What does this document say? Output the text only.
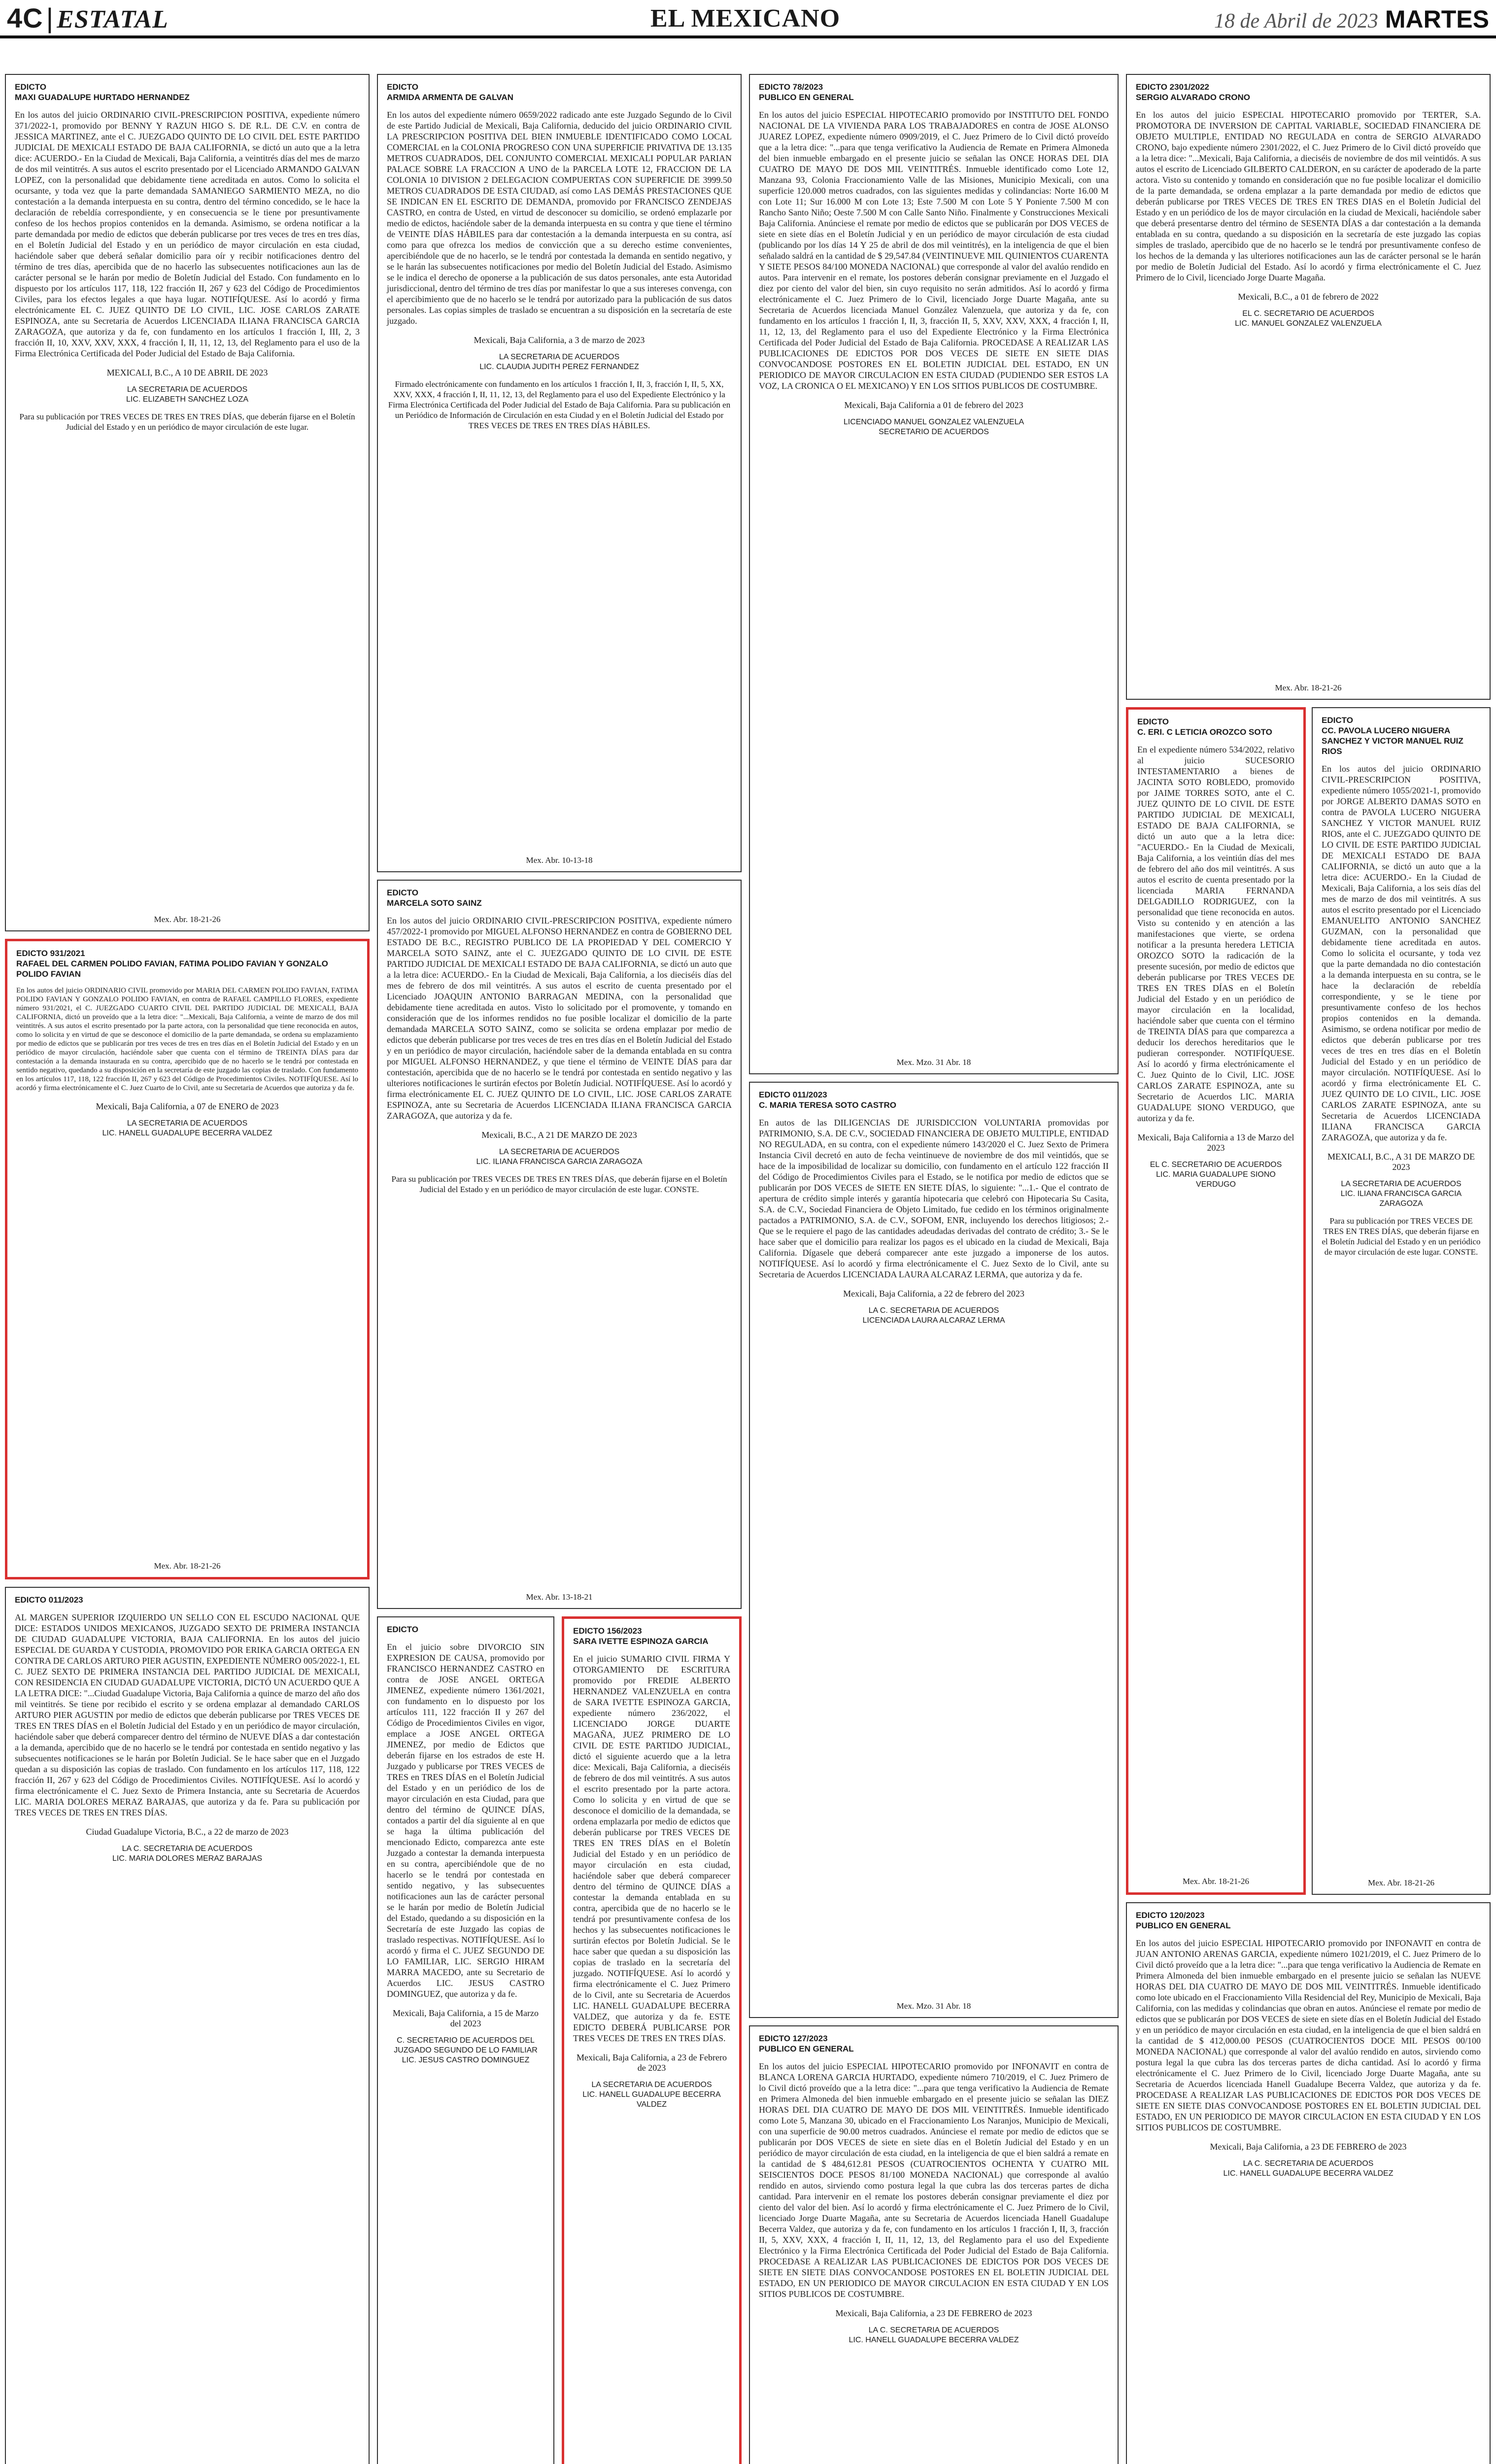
4C | ESTATAL	EL MEXICANO	18 de Abril de 2023 MARTES
EDICTO
MAXI GUADALUPE HURTADO HERNANDEZ
En los autos del juicio ORDINARIO CIVIL-PRESCRIPCION POSITIVA, expediente número 371/2022-1, promovido por BENNY Y RAZUN HIGO S. DE R.L. DE C.V. en contra de JESSICA MARTINEZ, ante el C. JUEZGADO QUINTO DE LO CIVIL DEL ESTE PARTIDO JUDICIAL DE MEXICALI ESTADO DE BAJA CALIFORNIA, se dictó un auto que a la letra dice: ACUERDO.- En la Ciudad de Mexicali, Baja California, a veintitrés días del mes de marzo de dos mil veintitrés. A sus autos el escrito presentado por el Licenciado ARMANDO GALVAN LOPEZ, con la personalidad que debidamente tiene acreditada en autos. Como lo solicita el ocursante, y toda vez que la parte demandada SAMANIEGO SARMIENTO MEZA, no dio contestación a la demanda interpuesta en su contra, dentro del término concedido, se le hace la declaración de rebeldía correspondiente, y en consecuencia se le tiene por presuntivamente confeso de los hechos propios contenidos en la demanda. Asimismo, se ordena notificar a la parte demandada por medio de edictos que deberán publicarse por tres veces de tres en tres días, en el Boletín Judicial del Estado y en un periódico de mayor circulación en esta ciudad, haciéndole saber que deberá señalar domicilio para oír y recibir notificaciones dentro del término de tres días, apercibida que de no hacerlo las subsecuentes notificaciones aun las de carácter personal se le harán por medio de Boletín Judicial del Estado. Con fundamento en lo dispuesto por los artículos 117, 118, 122 fracción II, 267 y 623 del Código de Procedimientos Civiles, para los efectos legales a que haya lugar. NOTIFÍQUESE. Así lo acordó y firma electrónicamente EL C. JUEZ QUINTO DE LO CIVIL, LIC. JOSE CARLOS ZARATE ESPINOZA, ante su Secretaria de Acuerdos LICENCIADA ILIANA FRANCISCA GARCIA ZARAGOZA, que autoriza y da fe, con fundamento en los artículos 1 fracción I, III, 2, 3 fracción II, 10, XXV, XXV, XXX, 4 fracción I, II, 11, 12, 13, del Reglamento para el uso de la Firma Electrónica Certificada del Poder Judicial del Estado de Baja California.
MEXICALI, B.C., A 10 DE ABRIL DE 2023
LA SECRETARIA DE ACUERDOS
LIC. ELIZABETH SANCHEZ LOZA
Para su publicación por TRES VECES DE TRES EN TRES DÍAS, que deberán fijarse en el Boletín Judicial del Estado y en un periódico de mayor circulación de este lugar.
Mex. Abr. 18-21-26
EDICTO 931/2021
RAFAEL DEL CARMEN POLIDO FAVIAN, FATIMA POLIDO FAVIAN Y GONZALO POLIDO FAVIAN
En los autos del juicio ORDINARIO CIVIL promovido por MARIA DEL CARMEN POLIDO FAVIAN, FATIMA POLIDO FAVIAN Y GONZALO POLIDO FAVIAN, en contra de RAFAEL CAMPILLO FLORES, expediente número 931/2021, el C. JUEZGADO CUARTO CIVIL DEL PARTIDO JUDICIAL DE MEXICALI, BAJA CALIFORNIA, dictó un proveído que a la letra dice: "...Mexicali, Baja California, a veinte de marzo de dos mil veintitrés. A sus autos el escrito presentado por la parte actora, con la personalidad que tiene reconocida en autos, como lo solicita y en virtud de que se desconoce el domicilio de la parte demandada, se ordena su emplazamiento por medio de edictos que se publicarán por tres veces de tres en tres días en el Boletín Judicial del Estado y en un periódico de mayor circulación, haciéndole saber que cuenta con el término de TREINTA DÍAS para dar contestación a la demanda instaurada en su contra, apercibido que de no hacerlo se le tendrá por contestada en sentido negativo, quedando a su disposición en la secretaría de este juzgado las copias de traslado. Con fundamento en los artículos 117, 118, 122 fracción II, 267 y 623 del Código de Procedimientos Civiles. NOTIFÍQUESE. Así lo acordó y firma electrónicamente el C. Juez Cuarto de lo Civil, ante su Secretaria de Acuerdos que autoriza y da fe.
Mexicali, Baja California, a 07 de ENERO de 2023
LA SECRETARIA DE ACUERDOS
LIC. HANELL GUADALUPE BECERRA VALDEZ
Mex. Abr. 18-21-26
EDICTO 011/2023
AL MARGEN SUPERIOR IZQUIERDO UN SELLO CON EL ESCUDO NACIONAL QUE DICE: ESTADOS UNIDOS MEXICANOS, JUZGADO SEXTO DE PRIMERA INSTANCIA DE CIUDAD GUADALUPE VICTORIA, BAJA CALIFORNIA. En los autos del juicio ESPECIAL DE GUARDA Y CUSTODIA, PROMOVIDO POR ERIKA GARCIA ORTEGA EN CONTRA DE CARLOS ARTURO PIER AGUSTIN, EXPEDIENTE NÚMERO 005/2022-1, EL C. JUEZ SEXTO DE PRIMERA INSTANCIA DEL PARTIDO JUDICIAL DE MEXICALI, CON RESIDENCIA EN CIUDAD GUADALUPE VICTORIA, DICTÓ UN ACUERDO QUE A LA LETRA DICE: "...Ciudad Guadalupe Victoria, Baja California a quince de marzo del año dos mil veintitrés. Se tiene por recibido el escrito y se ordena emplazar al demandado CARLOS ARTURO PIER AGUSTIN por medio de edictos que deberán publicarse por TRES VECES DE TRES EN TRES DÍAS en el Boletín Judicial del Estado y en un periódico de mayor circulación, haciéndole saber que deberá comparecer dentro del término de NUEVE DÍAS a dar contestación a la demanda, apercibido que de no hacerlo se le tendrá por contestada en sentido negativo y las subsecuentes notificaciones se le harán por Boletín Judicial. Se le hace saber que en el Juzgado quedan a su disposición las copias de traslado. Con fundamento en los artículos 117, 118, 122 fracción II, 267 y 623 del Código de Procedimientos Civiles. NOTIFÍQUESE. Así lo acordó y firma electrónicamente el C. Juez Sexto de Primera Instancia, ante su Secretaria de Acuerdos LIC. MARIA DOLORES MERAZ BARAJAS, que autoriza y da fe. Para su publicación por TRES VECES DE TRES EN TRES DÍAS.
Ciudad Guadalupe Victoria, B.C., a 22 de marzo de 2023
LA C. SECRETARIA DE ACUERDOS
LIC. MARIA DOLORES MERAZ BARAJAS
EDICTO
ARMIDA ARMENTA DE GALVAN
En los autos del expediente número 0659/2022 radicado ante este Juzgado Segundo de lo Civil de este Partido Judicial de Mexicali, Baja California, deducido del juicio ORDINARIO CIVIL LA PRESCRIPCION POSITIVA DEL BIEN INMUEBLE IDENTIFICADO COMO LOCAL COMERCIAL en la COLONIA PROGRESO CON UNA SUPERFICIE PRIVATIVA DE 13.135 METROS CUADRADOS, DEL CONJUNTO COMERCIAL MEXICALI POPULAR PARIAN PALACE SOBRE LA FRACCION A UNO de la PARCELA LOTE 12, FRACCION DE LA COLONIA 10 DIVISION 2 DELEGACION COMPUERTAS CON SUPERFICIE DE 3999.50 METROS CUADRADOS DE ESTA CIUDAD, así como LAS DEMÁS PRESTACIONES QUE SE INDICAN EN EL ESCRITO DE DEMANDA, promovido por FRANCISCO ZENDEJAS CASTRO, en contra de Usted, en virtud de desconocer su domicilio, se ordenó emplazarle por medio de edictos, haciéndole saber de la demanda interpuesta en su contra y que tiene el término de VEINTE DÍAS HÁBILES para dar contestación a la demanda interpuesta en su contra, así como para que ofrezca los medios de convicción que a su derecho estime convenientes, apercibiéndole que de no hacerlo, se le tendrá por contestada la demanda en sentido negativo, y se le harán las subsecuentes notificaciones por medio del Boletín Judicial del Estado. Asimismo se le indica el derecho de oponerse a la publicación de sus datos personales, ante esta Autoridad jurisdiccional, dentro del término de tres días por manifestar lo que a sus intereses convenga, con el apercibimiento que de no hacerlo se le tendrá por autorizado para la publicación de sus datos personales. Las copias simples de traslado se encuentran a su disposición en la secretaría de este juzgado.
Mexicali, Baja California, a 3 de marzo de 2023
LA SECRETARIA DE ACUERDOS
LIC. CLAUDIA JUDITH PEREZ FERNANDEZ
Firmado electrónicamente con fundamento en los artículos 1 fracción I, II, 3, fracción I, II, 5, XX, XXV, XXX, 4 fracción I, II, 11, 12, 13, del Reglamento para el uso del Expediente Electrónico y la Firma Electrónica Certificada del Poder Judicial del Estado de Baja California. Para su publicación en un Periódico de Información de Circulación en esta Ciudad y en el Boletín Judicial del Estado por TRES VECES DE TRES EN TRES DÍAS HÁBILES.
Mex. Abr. 10-13-18
EDICTO
MARCELA SOTO SAINZ
En los autos del juicio ORDINARIO CIVIL-PRESCRIPCION POSITIVA, expediente número 457/2022-1 promovido por MIGUEL ALFONSO HERNANDEZ en contra de GOBIERNO DEL ESTADO DE B.C., REGISTRO PUBLICO DE LA PROPIEDAD Y DEL COMERCIO Y MARCELA SOTO SAINZ, ante el C. JUEZGADO QUINTO DE LO CIVIL DE ESTE PARTIDO JUDICIAL DE MEXICALI ESTADO DE BAJA CALIFORNIA, se dictó un auto que a la letra dice: ACUERDO.- En la Ciudad de Mexicali, Baja California, a los dieciséis días del mes de febrero de dos mil veintitrés. A sus autos el escrito de cuenta presentado por el Licenciado JOAQUIN ANTONIO BARRAGAN MEDINA, con la personalidad que debidamente tiene acreditada en autos. Visto lo solicitado por el promovente, y tomando en consideración que de los informes rendidos no fue posible localizar el domicilio de la parte demandada MARCELA SOTO SAINZ, como se solicita se ordena emplazar por medio de edictos que deberán publicarse por tres veces de tres en tres días en el Boletín Judicial del Estado y en un periódico de mayor circulación, haciéndole saber de la demanda entablada en su contra por MIGUEL ALFONSO HERNANDEZ, y que tiene el término de VEINTE DÍAS para dar contestación, apercibida que de no hacerlo se le tendrá por contestada en sentido negativo y las ulteriores notificaciones le surtirán efectos por Boletín Judicial. NOTIFÍQUESE. Así lo acordó y firma electrónicamente EL C. JUEZ QUINTO DE LO CIVIL, LIC. JOSE CARLOS ZARATE ESPINOZA, ante su Secretaria de Acuerdos LICENCIADA ILIANA FRANCISCA GARCIA ZARAGOZA, que autoriza y da fe.
Mexicali, B.C., A 21 DE MARZO DE 2023
LA SECRETARIA DE ACUERDOS
LIC. ILIANA FRANCISCA GARCIA ZARAGOZA
Para su publicación por TRES VECES DE TRES EN TRES DÍAS, que deberán fijarse en el Boletín Judicial del Estado y en un periódico de mayor circulación de este lugar. CONSTE.
Mex. Abr. 13-18-21
EDICTO
En el juicio sobre DIVORCIO SIN EXPRESION DE CAUSA, promovido por FRANCISCO HERNANDEZ CASTRO en contra de JOSE ANGEL ORTEGA JIMENEZ, expediente número 1361/2021, con fundamento en lo dispuesto por los artículos 111, 122 fracción II y 267 del Código de Procedimientos Civiles en vigor, emplace a JOSE ANGEL ORTEGA JIMENEZ, por medio de Edictos que deberán fijarse en los estrados de este H. Juzgado y publicarse por TRES VECES de TRES en TRES DÍAS en el Boletín Judicial del Estado y en un periódico de los de mayor circulación en esta Ciudad, para que dentro del término de QUINCE DÍAS, contados a partir del día siguiente al en que se haga la última publicación del mencionado Edicto, comparezca ante este Juzgado a contestar la demanda interpuesta en su contra, apercibiéndole que de no hacerlo se le tendrá por contestada en sentido negativo, y las subsecuentes notificaciones aun las de carácter personal se le harán por medio de Boletín Judicial del Estado, quedando a su disposición en la Secretaría de este Juzgado las copias de traslado respectivas. NOTIFÍQUESE. Así lo acordó y firma el C. JUEZ SEGUNDO DE LO FAMILIAR, LIC. SERGIO HIRAM MARRA MACEDO, ante su Secretario de Acuerdos LIC. JESUS CASTRO DOMINGUEZ, que autoriza y da fe.
Mexicali, Baja California, a 15 de Marzo del 2023
C. SECRETARIO DE ACUERDOS DEL JUZGADO SEGUNDO DE LO FAMILIAR
LIC. JESUS CASTRO DOMINGUEZ
EDICTO 156/2023
SARA IVETTE ESPINOZA GARCIA
En el juicio SUMARIO CIVIL FIRMA Y OTORGAMIENTO DE ESCRITURA promovido por FREDIE ALBERTO HERNANDEZ VALENZUELA en contra de SARA IVETTE ESPINOZA GARCIA, expediente número 236/2022, el LICENCIADO JORGE DUARTE MAGAÑA, JUEZ PRIMERO DE LO CIVIL DE ESTE PARTIDO JUDICIAL, dictó el siguiente acuerdo que a la letra dice: Mexicali, Baja California, a dieciséis de febrero de dos mil veintitrés. A sus autos el escrito presentado por la parte actora. Como lo solicita y en virtud de que se desconoce el domicilio de la demandada, se ordena emplazarla por medio de edictos que deberán publicarse por TRES VECES DE TRES EN TRES DÍAS en el Boletín Judicial del Estado y en un periódico de mayor circulación en esta ciudad, haciéndole saber que deberá comparecer dentro del término de QUINCE DÍAS a contestar la demanda entablada en su contra, apercibida que de no hacerlo se le tendrá por presuntivamente confesa de los hechos y las subsecuentes notificaciones le surtirán efectos por Boletín Judicial. Se le hace saber que quedan a su disposición las copias de traslado en la secretaría del juzgado. NOTIFÍQUESE. Así lo acordó y firma electrónicamente el C. Juez Primero de lo Civil, ante su Secretaria de Acuerdos LIC. HANELL GUADALUPE BECERRA VALDEZ, que autoriza y da fe. ESTE EDICTO DEBERÁ PUBLICARSE POR TRES VECES DE TRES EN TRES DÍAS.
Mexicali, Baja California, a 23 de Febrero de 2023
LA SECRETARIA DE ACUERDOS
LIC. HANELL GUADALUPE BECERRA VALDEZ
EDICTO 78/2023
PUBLICO EN GENERAL
En los autos del juicio ESPECIAL HIPOTECARIO promovido por INSTITUTO DEL FONDO NACIONAL DE LA VIVIENDA PARA LOS TRABAJADORES en contra de JOSE ALONSO JUAREZ LOPEZ, expediente número 0909/2019, el C. Juez Primero de lo Civil dictó proveído que a la letra dice: "...para que tenga verificativo la Audiencia de Remate en Primera Almoneda del bien inmueble embargado en el presente juicio se señalan las ONCE HORAS DEL DIA CUATRO DE MAYO DE DOS MIL VEINTITRÉS. Inmueble identificado como Lote 12, Manzana 93, Colonia Fraccionamiento Valle de las Misiones, Municipio Mexicali, con una superficie 120.000 metros cuadrados, con las siguientes medidas y colindancias: Norte 16.00 M con Lote 11; Sur 16.000 M con Lote 13; Este 7.500 M con Lote 5 Y Poniente 7.500 M con Rancho Santo Niño; Oeste 7.500 M con Calle Santo Niño. Finalmente y Construcciones Mexicali Baja California. Anúnciese el remate por medio de edictos que se publicarán por DOS VECES de siete en siete días en el Boletín Judicial y en un periódico de mayor circulación de esta ciudad (publicando por los días 14 Y 25 de abril de dos mil veintitrés), en la inteligencia de que el bien señalado saldrá en la cantidad de $ 29,547.84 (VEINTINUEVE MIL QUINIENTOS CUARENTA Y SIETE PESOS 84/100 MONEDA NACIONAL) que corresponde al valor del avalúo rendido en autos. Para intervenir en el remate, los postores deberán consignar previamente en el Juzgado el diez por ciento del valor del bien, sin cuyo requisito no serán admitidos. Así lo acordó y firma electrónicamente el C. Juez Primero de lo Civil, licenciado Jorge Duarte Magaña, ante su Secretaria de Acuerdos licenciada Manuel González Valenzuela, que autoriza y da fe, con fundamento en los artículos 1 fracción I, II, 3, fracción II, 5, XXV, XXV, XXX, 4 fracción I, II, 11, 12, 13, del Reglamento para el uso del Expediente Electrónico y la Firma Electrónica Certificada del Poder Judicial del Estado de Baja California. PROCEDASE A REALIZAR LAS PUBLICACIONES DE EDICTOS POR DOS VECES DE SIETE EN SIETE DIAS CONVOCANDOSE POSTORES EN EL BOLETIN JUDICIAL DEL ESTADO, EN UN PERIODICO DE MAYOR CIRCULACION EN ESTA CIUDAD (PUDIENDO SER ESTOS LA VOZ, LA CRONICA O EL MEXICANO) Y EN LOS SITIOS PUBLICOS DE COSTUMBRE.
Mexicali, Baja California a 01 de febrero del 2023
LICENCIADO MANUEL GONZALEZ VALENZUELA
SECRETARIO DE ACUERDOS
Mex. Mzo. 31 Abr. 18
EDICTO 011/2023
C. MARIA TERESA SOTO CASTRO
En autos de las DILIGENCIAS DE JURISDICCION VOLUNTARIA promovidas por PATRIMONIO, S.A. DE C.V., SOCIEDAD FINANCIERA DE OBJETO MULTIPLE, ENTIDAD NO REGULADA, en su contra, con el expediente número 143/2020 el C. Juez Sexto de Primera Instancia Civil decretó en auto de fecha veintinueve de noviembre de dos mil veintidós, que se hace de la imposibilidad de localizar su domicilio, con fundamento en el artículo 122 fracción II del Código de Procedimientos Civiles para el Estado, se le notifica por medio de edictos que se publicarán por DOS VECES de SIETE EN SIETE DÍAS, lo siguiente: "...1.- Que el contrato de apertura de crédito simple interés y garantía hipotecaria que celebró con Hipotecaria Su Casita, S.A. de C.V., Sociedad Financiera de Objeto Limitado, fue cedido en los términos originalmente pactados a PATRIMONIO, S.A. de C.V., SOFOM, ENR, incluyendo los derechos litigiosos; 2.- Que se le requiere el pago de las cantidades adeudadas derivadas del contrato de crédito; 3.- Se le hace saber que el domicilio para realizar los pagos es el ubicado en la ciudad de Mexicali, Baja California. Dígasele que deberá comparecer ante este juzgado a imponerse de los autos. NOTIFÍQUESE. Así lo acordó y firma electrónicamente el C. Juez Sexto de lo Civil, ante su Secretaria de Acuerdos LICENCIADA LAURA ALCARAZ LERMA, que autoriza y da fe.
Mexicali, Baja California, a 22 de febrero del 2023
LA C. SECRETARIA DE ACUERDOS
LICENCIADA LAURA ALCARAZ LERMA
Mex. Mzo. 31 Abr. 18
EDICTO 127/2023
PUBLICO EN GENERAL
En los autos del juicio ESPECIAL HIPOTECARIO promovido por INFONAVIT en contra de BLANCA LORENA GARCIA HURTADO, expediente número 710/2019, el C. Juez Primero de lo Civil dictó proveído que a la letra dice: "...para que tenga verificativo la Audiencia de Remate en Primera Almoneda del bien inmueble embargado en el presente juicio se señalan las DIEZ HORAS DEL DIA CUATRO DE MAYO DE DOS MIL VEINTITRÉS. Inmueble identificado como Lote 5, Manzana 30, ubicado en el Fraccionamiento Los Naranjos, Municipio de Mexicali, con una superficie de 90.00 metros cuadrados. Anúnciese el remate por medio de edictos que se publicarán por DOS VECES de siete en siete días en el Boletín Judicial del Estado y en un periódico de mayor circulación de esta ciudad, en la inteligencia de que el bien saldrá a remate en la cantidad de $ 484,612.81 PESOS (CUATROCIENTOS OCHENTA Y CUATRO MIL SEISCIENTOS DOCE PESOS 81/100 MONEDA NACIONAL) que corresponde al avalúo rendido en autos, sirviendo como postura legal la que cubra las dos terceras partes de dicha cantidad. Para intervenir en el remate los postores deberán consignar previamente el diez por ciento del valor del bien. Así lo acordó y firma electrónicamente el C. Juez Primero de lo Civil, licenciado Jorge Duarte Magaña, ante su Secretaria de Acuerdos licenciada Hanell Guadalupe Becerra Valdez, que autoriza y da fe, con fundamento en los artículos 1 fracción I, II, 3, fracción II, 5, XXV, XXX, 4 fracción I, II, 11, 12, 13, del Reglamento para el uso del Expediente Electrónico y la Firma Electrónica Certificada del Poder Judicial del Estado de Baja California. PROCEDASE A REALIZAR LAS PUBLICACIONES DE EDICTOS POR DOS VECES DE SIETE EN SIETE DIAS CONVOCANDOSE POSTORES EN EL BOLETIN JUDICIAL DEL ESTADO, EN UN PERIODICO DE MAYOR CIRCULACION EN ESTA CIUDAD Y EN LOS SITIOS PUBLICOS DE COSTUMBRE.
Mexicali, Baja California, a 23 DE FEBRERO de 2023
LA C. SECRETARIA DE ACUERDOS
LIC. HANELL GUADALUPE BECERRA VALDEZ
EDICTO 2301/2022
SERGIO ALVARADO CRONO
En los autos del juicio ESPECIAL HIPOTECARIO promovido por TERTER, S.A. PROMOTORA DE INVERSION DE CAPITAL VARIABLE, SOCIEDAD FINANCIERA DE OBJETO MULTIPLE, ENTIDAD NO REGULADA en contra de SERGIO ALVARADO CRONO, bajo expediente número 2301/2022, el C. Juez Primero de lo Civil dictó proveído que a la letra dice: "...Mexicali, Baja California, a dieciséis de noviembre de dos mil veintidós. A sus autos el escrito de Licenciado GILBERTO CALDERON, en su carácter de apoderado de la parte actora. Visto su contenido y tomando en consideración que no fue posible localizar el domicilio de la parte demandada, se ordena emplazar a la parte demandada por medio de edictos que deberán publicarse por TRES VECES DE TRES EN TRES DIAS en el Boletín Judicial del Estado y en un periódico de los de mayor circulación en la ciudad de Mexicali, haciéndole saber que deberá presentarse dentro del término de SESENTA DÍAS a dar contestación a la demanda entablada en su contra, quedando a su disposición en la secretaría de este juzgado las copias simples de traslado, apercibido que de no hacerlo se le tendrá por presuntivamente confeso de los hechos de la demanda y las ulteriores notificaciones aun las de carácter personal se le harán por medio de Boletín Judicial del Estado. Así lo acordó y firma electrónicamente el C. Juez Primero de lo Civil, licenciado Jorge Duarte Magaña.
Mexicali, B.C., a 01 de febrero de 2022
EL C. SECRETARIO DE ACUERDOS
LIC. MANUEL GONZALEZ VALENZUELA
Mex. Abr. 18-21-26
EDICTO
C. ERI. C LETICIA OROZCO SOTO
En el expediente número 534/2022, relativo al juicio SUCESORIO INTESTAMENTARIO a bienes de JACINTA SOTO ROBLEDO, promovido por JAIME TORRES SOTO, ante el C. JUEZ QUINTO DE LO CIVIL DE ESTE PARTIDO JUDICIAL DE MEXICALI, ESTADO DE BAJA CALIFORNIA, se dictó un auto que a la letra dice: "ACUERDO.- En la Ciudad de Mexicali, Baja California, a los veintiún días del mes de febrero del año dos mil veintitrés. A sus autos el escrito de cuenta presentado por la licenciada MARIA FERNANDA DELGADILLO RODRIGUEZ, con la personalidad que tiene reconocida en autos. Visto su contenido y en atención a las manifestaciones que vierte, se ordena notificar a la presunta heredera LETICIA OROZCO SOTO la radicación de la presente sucesión, por medio de edictos que deberán publicarse por TRES VECES DE TRES EN TRES DÍAS en el Boletín Judicial del Estado y en un periódico de mayor circulación en la localidad, haciéndole saber que cuenta con el término de TREINTA DÍAS para que comparezca a deducir los derechos hereditarios que le pudieran corresponder. NOTIFÍQUESE. Así lo acordó y firma electrónicamente el C. Juez Quinto de lo Civil, LIC. JOSE CARLOS ZARATE ESPINOZA, ante su Secretario de Acuerdos LIC. MARIA GUADALUPE SIONO VERDUGO, que autoriza y da fe.
Mexicali, Baja California a 13 de Marzo del 2023
EL C. SECRETARIO DE ACUERDOS
LIC. MARIA GUADALUPE SIONO VERDUGO
Mex. Abr. 18-21-26
EDICTO
CC. PAVOLA LUCERO NIGUERA SANCHEZ Y VICTOR MANUEL RUIZ RIOS
En los autos del juicio ORDINARIO CIVIL-PRESCRIPCION POSITIVA, expediente número 1055/2021-1, promovido por JORGE ALBERTO DAMAS SOTO en contra de PAVOLA LUCERO NIGUERA SANCHEZ Y VICTOR MANUEL RUIZ RIOS, ante el C. JUEZGADO QUINTO DE LO CIVIL DE ESTE PARTIDO JUDICIAL DE MEXICALI ESTADO DE BAJA CALIFORNIA, se dictó un auto que a la letra dice: ACUERDO.- En la Ciudad de Mexicali, Baja California, a los seis días del mes de marzo de dos mil veintitrés. A sus autos el escrito presentado por el Licenciado EMANUELITO ANTONIO SANCHEZ GUZMAN, con la personalidad que debidamente tiene acreditada en autos. Como lo solicita el ocursante, y toda vez que la parte demandada no dio contestación a la demanda interpuesta en su contra, se le hace la declaración de rebeldía correspondiente, y se le tiene por presuntivamente confeso de los hechos propios contenidos en la demanda. Asimismo, se ordena notificar por medio de edictos que deberán publicarse por tres veces de tres en tres días en el Boletín Judicial del Estado y en un periódico de mayor circulación. NOTIFÍQUESE. Así lo acordó y firma electrónicamente EL C. JUEZ QUINTO DE LO CIVIL, LIC. JOSE CARLOS ZARATE ESPINOZA, ante su Secretaria de Acuerdos LICENCIADA ILIANA FRANCISCA GARCIA ZARAGOZA, que autoriza y da fe.
MEXICALI, B.C., A 31 DE MARZO DE 2023
LA SECRETARIA DE ACUERDOS
LIC. ILIANA FRANCISCA GARCIA ZARAGOZA
Para su publicación por TRES VECES DE TRES EN TRES DÍAS, que deberán fijarse en el Boletín Judicial del Estado y en un periódico de mayor circulación de este lugar. CONSTE.
Mex. Abr. 18-21-26
EDICTO 120/2023
PUBLICO EN GENERAL
En los autos del juicio ESPECIAL HIPOTECARIO promovido por INFONAVIT en contra de JUAN ANTONIO ARENAS GARCIA, expediente número 1021/2019, el C. Juez Primero de lo Civil dictó proveído que a la letra dice: "...para que tenga verificativo la Audiencia de Remate en Primera Almoneda del bien inmueble embargado en el presente juicio se señalan las NUEVE HORAS DEL DIA CUATRO DE MAYO DE DOS MIL VEINTITRÉS. Inmueble identificado como lote ubicado en el Fraccionamiento Villa Residencial del Rey, Municipio de Mexicali, Baja California, con las medidas y colindancias que obran en autos. Anúnciese el remate por medio de edictos que se publicarán por DOS VECES de siete en siete días en el Boletín Judicial del Estado y en un periódico de mayor circulación en esta ciudad, en la inteligencia de que el bien saldrá en la cantidad de $ 412,000.00 PESOS (CUATROCIENTOS DOCE MIL PESOS 00/100 MONEDA NACIONAL) que corresponde al valor del avalúo rendido en autos, sirviendo como postura legal la que cubra las dos terceras partes de dicha cantidad. Así lo acordó y firma electrónicamente el C. Juez Primero de lo Civil, licenciado Jorge Duarte Magaña, ante su Secretaria de Acuerdos licenciada Hanell Guadalupe Becerra Valdez, que autoriza y da fe. PROCEDASE A REALIZAR LAS PUBLICACIONES DE EDICTOS POR DOS VECES DE SIETE EN SIETE DIAS CONVOCANDOSE POSTORES EN EL BOLETIN JUDICIAL DEL ESTADO, EN UN PERIODICO DE MAYOR CIRCULACION EN ESTA CIUDAD Y EN LOS SITIOS PUBLICOS DE COSTUMBRE.
Mexicali, Baja California, a 23 DE FEBRERO de 2023
LA C. SECRETARIA DE ACUERDOS
LIC. HANELL GUADALUPE BECERRA VALDEZ
